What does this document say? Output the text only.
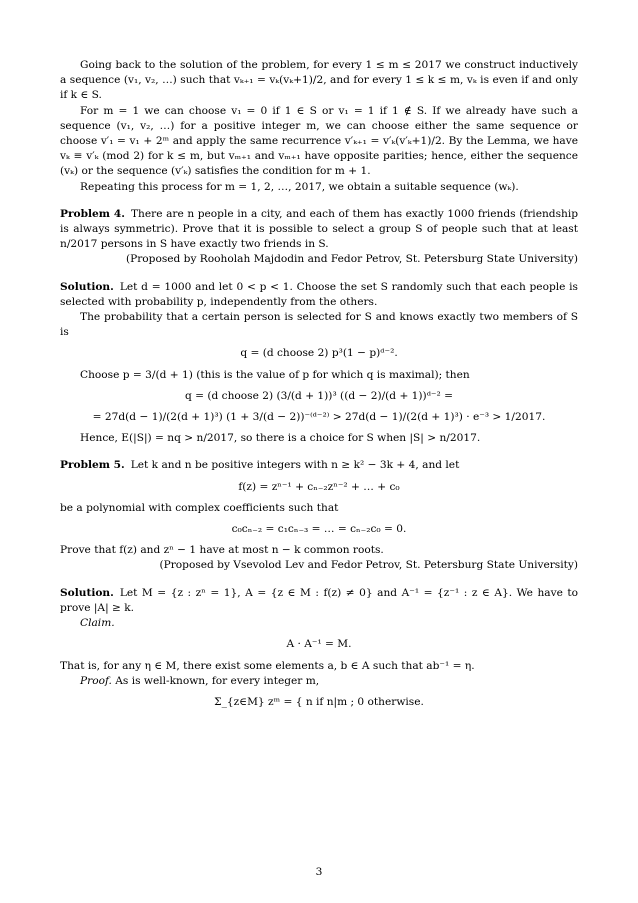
Going back to the solution of the problem, for every 1 ≤ m ≤ 2017 we construct inductively a sequence (v₁, v₂, …) such that vₖ₊₁ = vₖ(vₖ+1)/2, and for every 1 ≤ k ≤ m, vₖ is even if and only if k ∈ S.

For m = 1 we can choose v₁ = 0 if 1 ∈ S or v₁ = 1 if 1 ∉ S. If we already have such a sequence (v₁, v₂, …) for a positive integer m, we can choose either the same sequence or choose v′₁ = v₁ + 2ᵐ and apply the same recurrence v′ₖ₊₁ = v′ₖ(v′ₖ+1)/2. By the Lemma, we have vₖ ≡ v′ₖ (mod 2) for k ≤ m, but vₘ₊₁ and vₘ₊₁ have opposite parities; hence, either the sequence (vₖ) or the sequence (v′ₖ) satisfies the condition for m + 1.

Repeating this process for m = 1, 2, …, 2017, we obtain a suitable sequence (wₖ).

Problem 4. There are n people in a city, and each of them has exactly 1000 friends (friendship is always symmetric). Prove that it is possible to select a group S of people such that at least n/2017 persons in S have exactly two friends in S.

(Proposed by Rooholah Majdodin and Fedor Petrov, St. Petersburg State University)

Solution. Let d = 1000 and let 0 < p < 1. Choose the set S randomly such that each people is selected with probability p, independently from the others.

The probability that a certain person is selected for S and knows exactly two members of S is

q = (d choose 2) p³(1 − p)ᵈ⁻².

Choose p = 3/(d + 1) (this is the value of p for which q is maximal); then

q = (d choose 2) (3/(d + 1))³ ((d − 2)/(d + 1))ᵈ⁻² =
= 27d(d − 1)/(2(d + 1)³) (1 + 3/(d − 2))⁻⁽ᵈ⁻²⁾ > 27d(d − 1)/(2(d + 1)³) · e⁻³ > 1/2017.

Hence, E(|S|) = nq > n/2017, so there is a choice for S when |S| > n/2017.

Problem 5. Let k and n be positive integers with n ≥ k² − 3k + 4, and let

f(z) = zⁿ⁻¹ + cₙ₋₂zⁿ⁻² + … + c₀

be a polynomial with complex coefficients such that

c₀cₙ₋₂ = c₁cₙ₋₃ = … = cₙ₋₂c₀ = 0.

Prove that f(z) and zⁿ − 1 have at most n − k common roots.

(Proposed by Vsevolod Lev and Fedor Petrov, St. Petersburg State University)

Solution. Let M = {z : zⁿ = 1}, A = {z ∈ M : f(z) ≠ 0} and A⁻¹ = {z⁻¹ : z ∈ A}. We have to prove |A| ≥ k.

Claim.

A · A⁻¹ = M.

That is, for any η ∈ M, there exist some elements a, b ∈ A such that ab⁻¹ = η.

Proof. As is well-known, for every integer m,

Σ_{z∈M} zᵐ = { n if n|m ; 0 otherwise.
3
